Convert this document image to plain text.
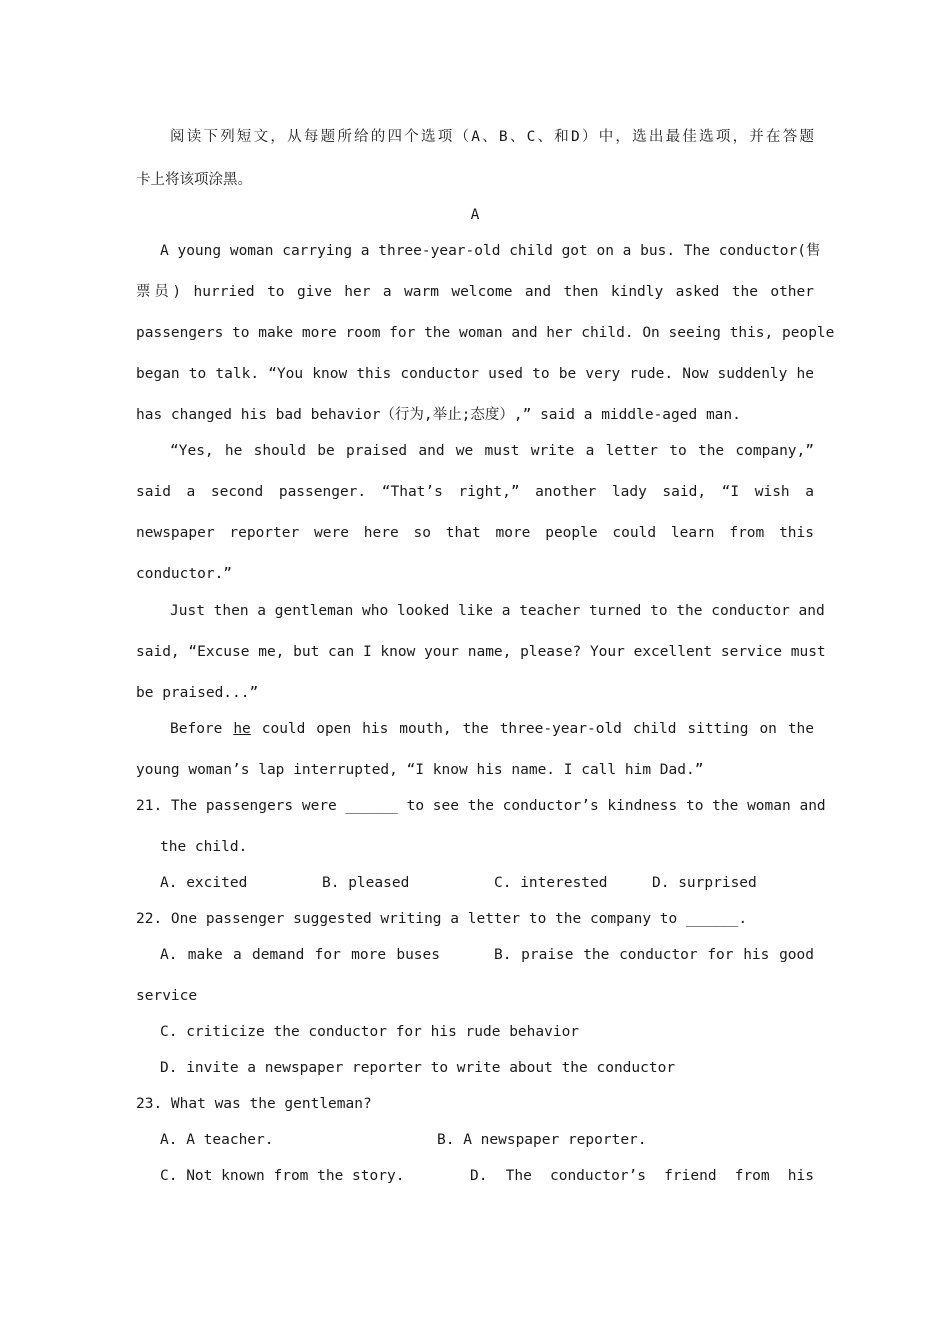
阅读下列短文，从每题所给的四个选项（A、B、C、和D）中，选出最佳选项，并在答题
卡上将该项涂黑。
A
A young woman carrying a three-year-old child got on a bus. The conductor(售
票员) hurried to give her a warm welcome and then kindly asked the other
passengers to make more room for the woman and her child. On seeing this, people
began to talk. “You know this conductor used to be very rude. Now suddenly he
has changed his bad behavior（行为,举止;态度）,” said a middle-aged man.
“Yes, he should be praised and we must write a letter to the company,”
said a second passenger. “That’s right,” another lady said, “I wish a
newspaper reporter were here so that more people could learn from this
conductor.”
Just then a gentleman who looked like a teacher turned to the conductor and
said, “Excuse me, but can I know your name, please? Your excellent service must
be praised...”
Before he could open his mouth, the three-year-old child sitting on the
young woman’s lap interrupted, “I know his name. I call him Dad.”
21. The passengers were ______ to see the conductor’s kindness to the woman and
the child.
A. excited	B. pleased	C. interested	D. surprised
22. One passenger suggested writing a letter to the company to ______.
A. make a demand for more buses	B. praise the conductor for his good
service
C. criticize the conductor for his rude behavior
D. invite a newspaper reporter to write about the conductor
23. What was the gentleman?
A. A teacher.	B. A newspaper reporter.
C. Not known from the story.	D. The conductor’s friend from his
